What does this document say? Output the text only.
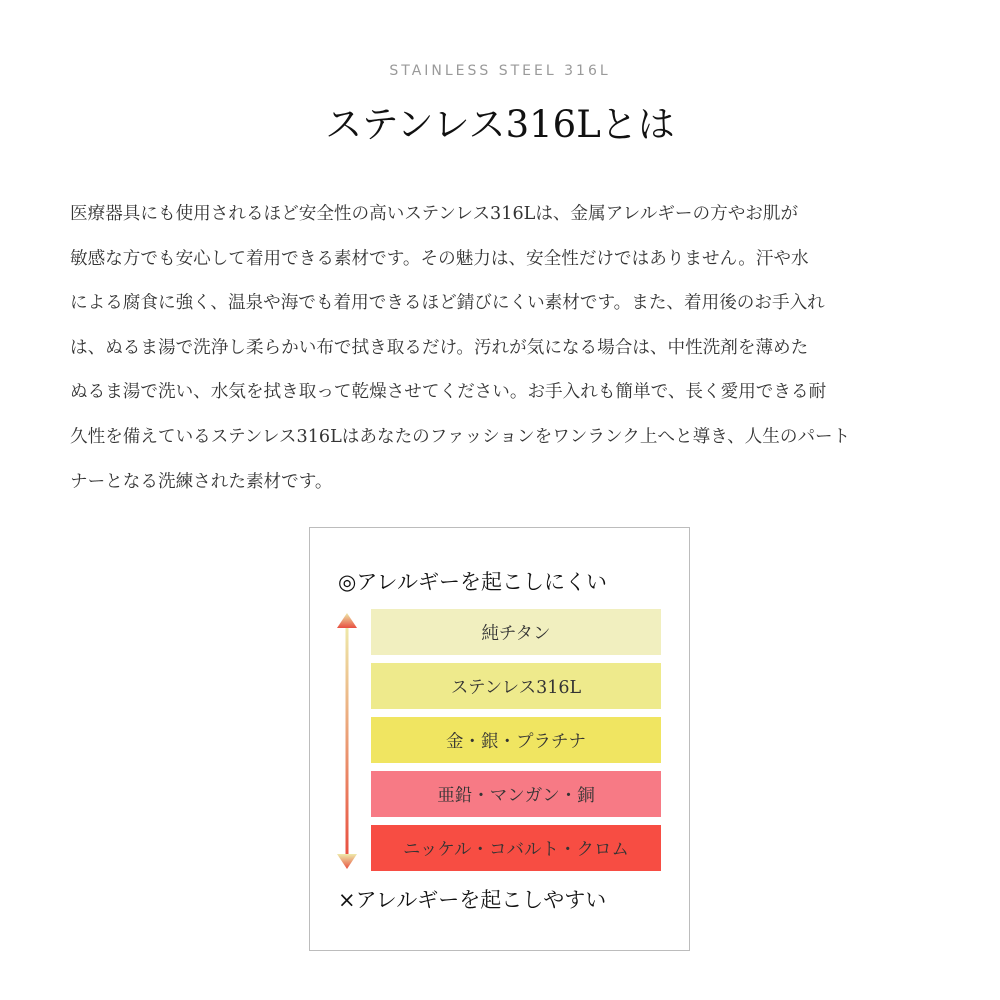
STAINLESS STEEL 316L
ステンレス316Lとは
医療器具にも使用されるほど安全性の高いステンレス316Lは、金属アレルギーの方やお肌が
敏感な方でも安心して着用できる素材です。その魅力は、安全性だけではありません。汗や水
による腐食に強く、温泉や海でも着用できるほど錆びにくい素材です。また、着用後のお手入れ
は、ぬるま湯で洗浄し柔らかい布で拭き取るだけ。汚れが気になる場合は、中性洗剤を薄めた
ぬるま湯で洗い、水気を拭き取って乾燥させてください。お手入れも簡単で、長く愛用できる耐
久性を備えているステンレス316Lはあなたのファッションをワンランク上へと導き、人生のパート
ナーとなる洗練された素材です。
◎アレルギーを起こしにくい
純チタン
ステンレス316L
金・銀・プラチナ
亜鉛・マンガン・銅
ニッケル・コバルト・クロム
×アレルギーを起こしやすい
